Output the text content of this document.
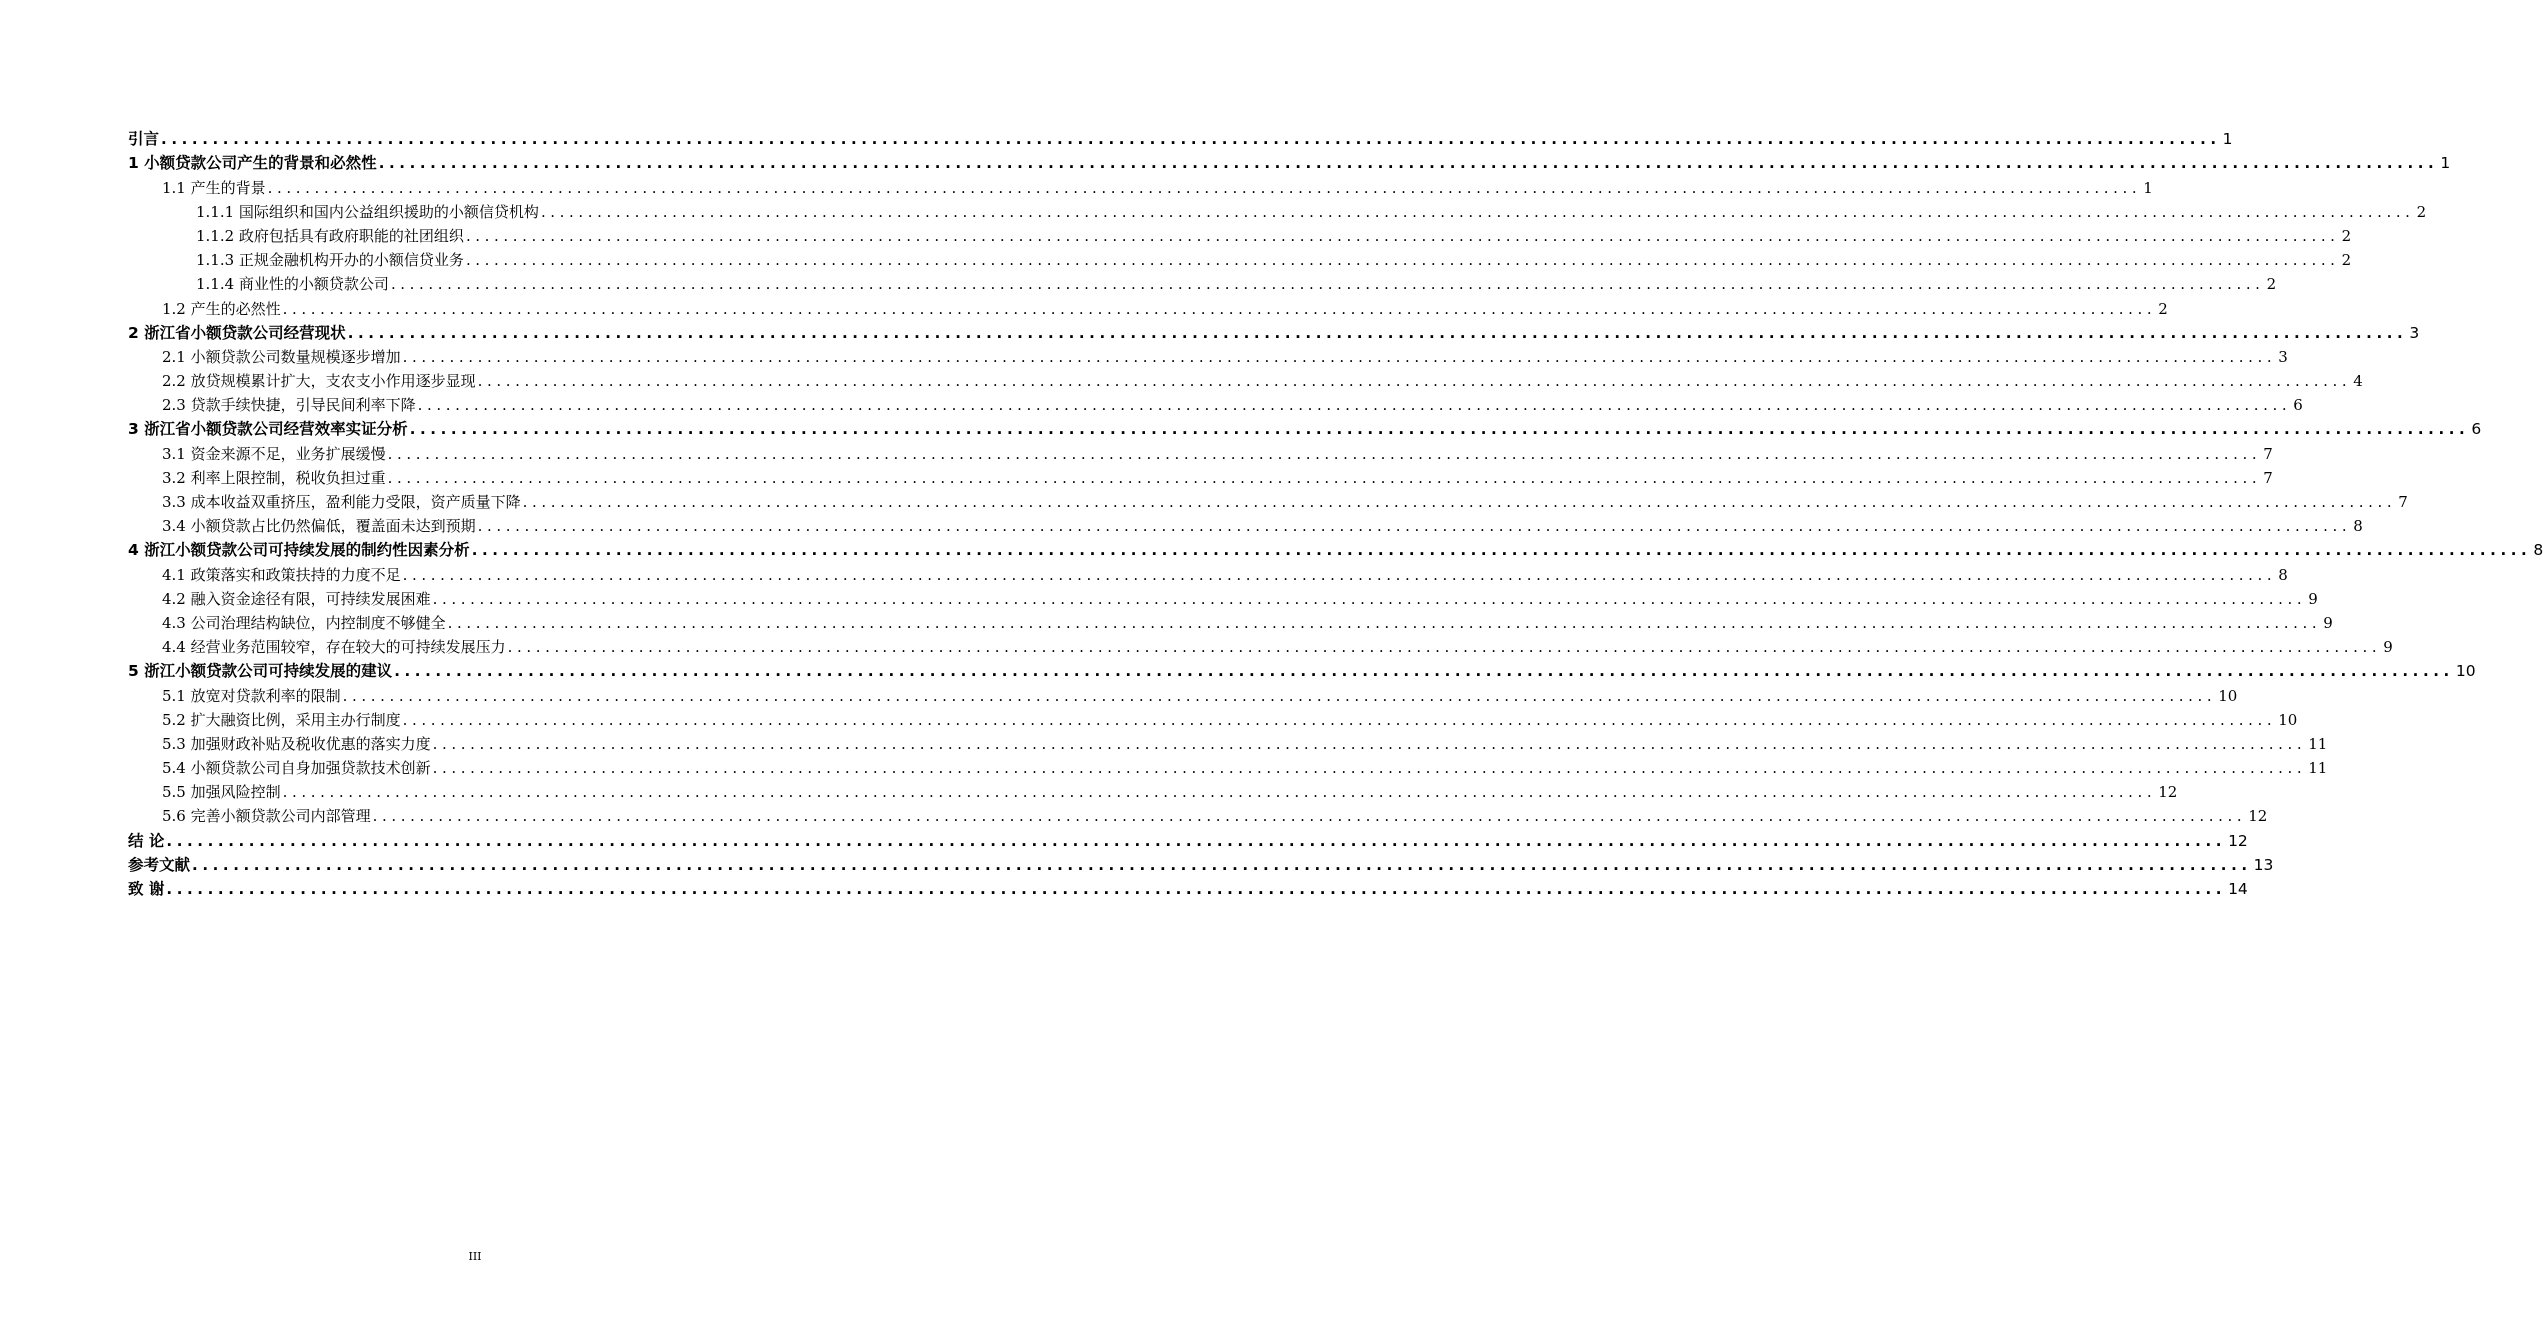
引言 ........................................................................................................................................................................................................ 1
1 小额贷款公司产生的背景和必然性 ........................................................................................................................................................................................................ 1
1.1 产生的背景 ........................................................................................................................................................................................................ 1
1.1.1 国际组织和国内公益组织援助的小额信贷机构 ........................................................................................................................................................................................................ 2
1.1.2 政府包括具有政府职能的社团组织 ........................................................................................................................................................................................................ 2
1.1.3 正规金融机构开办的小额信贷业务 ........................................................................................................................................................................................................ 2
1.1.4 商业性的小额贷款公司 ........................................................................................................................................................................................................ 2
1.2 产生的必然性 ........................................................................................................................................................................................................ 2
2 浙江省小额贷款公司经营现状 ........................................................................................................................................................................................................ 3
2.1 小额贷款公司数量规模逐步增加 ........................................................................................................................................................................................................ 3
2.2 放贷规模累计扩大，支农支小作用逐步显现 ........................................................................................................................................................................................................ 4
2.3 贷款手续快捷，引导民间利率下降 ........................................................................................................................................................................................................ 6
3 浙江省小额贷款公司经营效率实证分析 ........................................................................................................................................................................................................ 6
3.1 资金来源不足，业务扩展缓慢 ........................................................................................................................................................................................................ 7
3.2 利率上限控制，税收负担过重 ........................................................................................................................................................................................................ 7
3.3 成本收益双重挤压，盈利能力受限，资产质量下降 ........................................................................................................................................................................................................ 7
3.4 小额贷款占比仍然偏低，覆盖面未达到预期 ........................................................................................................................................................................................................ 8
4 浙江小额贷款公司可持续发展的制约性因素分析 ........................................................................................................................................................................................................ 8
4.1 政策落实和政策扶持的力度不足 ........................................................................................................................................................................................................ 8
4.2 融入资金途径有限，可持续发展困难 ........................................................................................................................................................................................................ 9
4.3 公司治理结构缺位，内控制度不够健全 ........................................................................................................................................................................................................ 9
4.4 经营业务范围较窄，存在较大的可持续发展压力 ........................................................................................................................................................................................................ 9
5 浙江小额贷款公司可持续发展的建议 ........................................................................................................................................................................................................ 10
5.1 放宽对贷款利率的限制 ........................................................................................................................................................................................................ 10
5.2 扩大融资比例，采用主办行制度 ........................................................................................................................................................................................................ 10
5.3 加强财政补贴及税收优惠的落实力度 ........................................................................................................................................................................................................ 11
5.4 小额贷款公司自身加强贷款技术创新 ........................................................................................................................................................................................................ 11
5.5 加强风险控制 ........................................................................................................................................................................................................ 12
5.6 完善小额贷款公司内部管理 ........................................................................................................................................................................................................ 12
结 论 ........................................................................................................................................................................................................ 12
参考文献 ........................................................................................................................................................................................................ 13
致 谢 ........................................................................................................................................................................................................ 14
III
